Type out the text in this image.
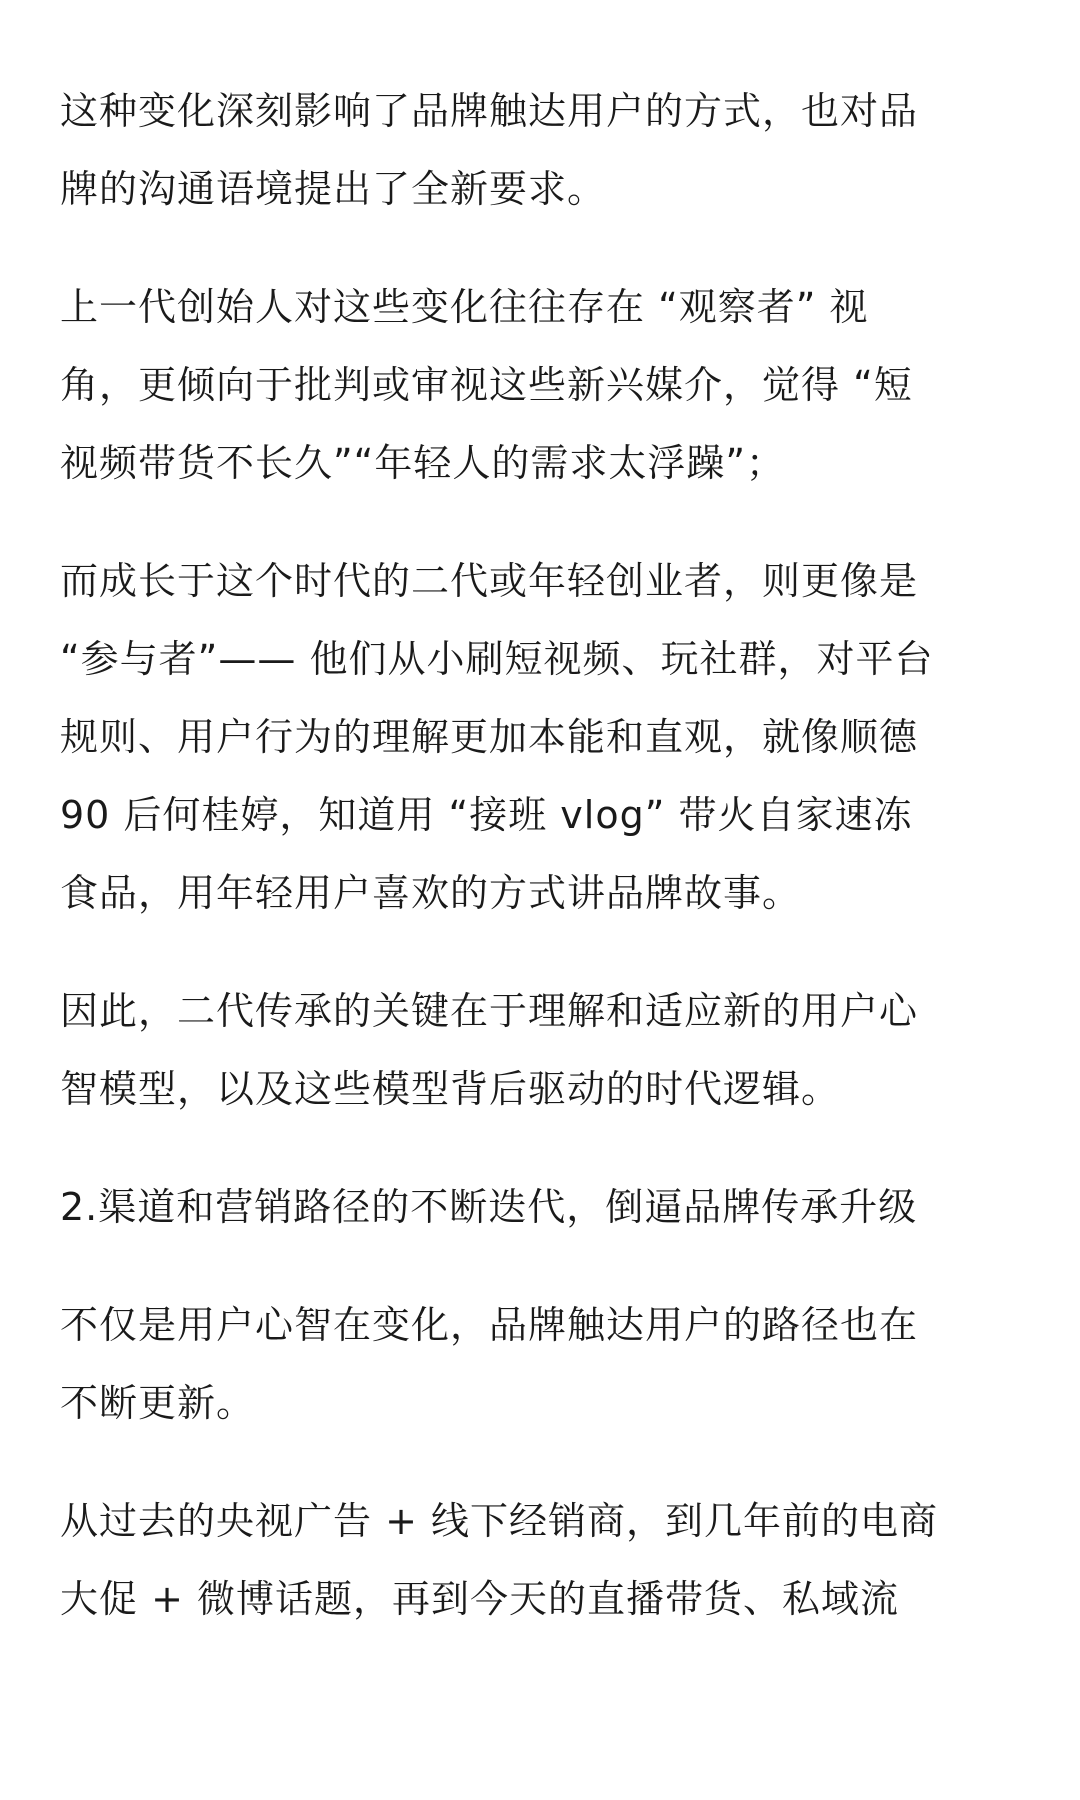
这种变化深刻影响了品牌触达用户的方式，也对品
牌的沟通语境提出了全新要求。

上一代创始人对这些变化往往存在 “观察者” 视
角，更倾向于批判或审视这些新兴媒介，觉得 “短
视频带货不长久”“年轻人的需求太浮躁”；

而成长于这个时代的二代或年轻创业者，则更像是
“参与者”—— 他们从小刷短视频、玩社群，对平台
规则、用户行为的理解更加本能和直观，就像顺德
90 后何桂婷，知道用 “接班 vlog” 带火自家速冻
食品，用年轻用户喜欢的方式讲品牌故事。

因此，二代传承的关键在于理解和适应新的用户心
智模型，以及这些模型背后驱动的时代逻辑。

2.渠道和营销路径的不断迭代，倒逼品牌传承升级

不仅是用户心智在变化，品牌触达用户的路径也在
不断更新。

从过去的央视广告 + 线下经销商，到几年前的电商
大促 + 微博话题，再到今天的直播带货、私域流
